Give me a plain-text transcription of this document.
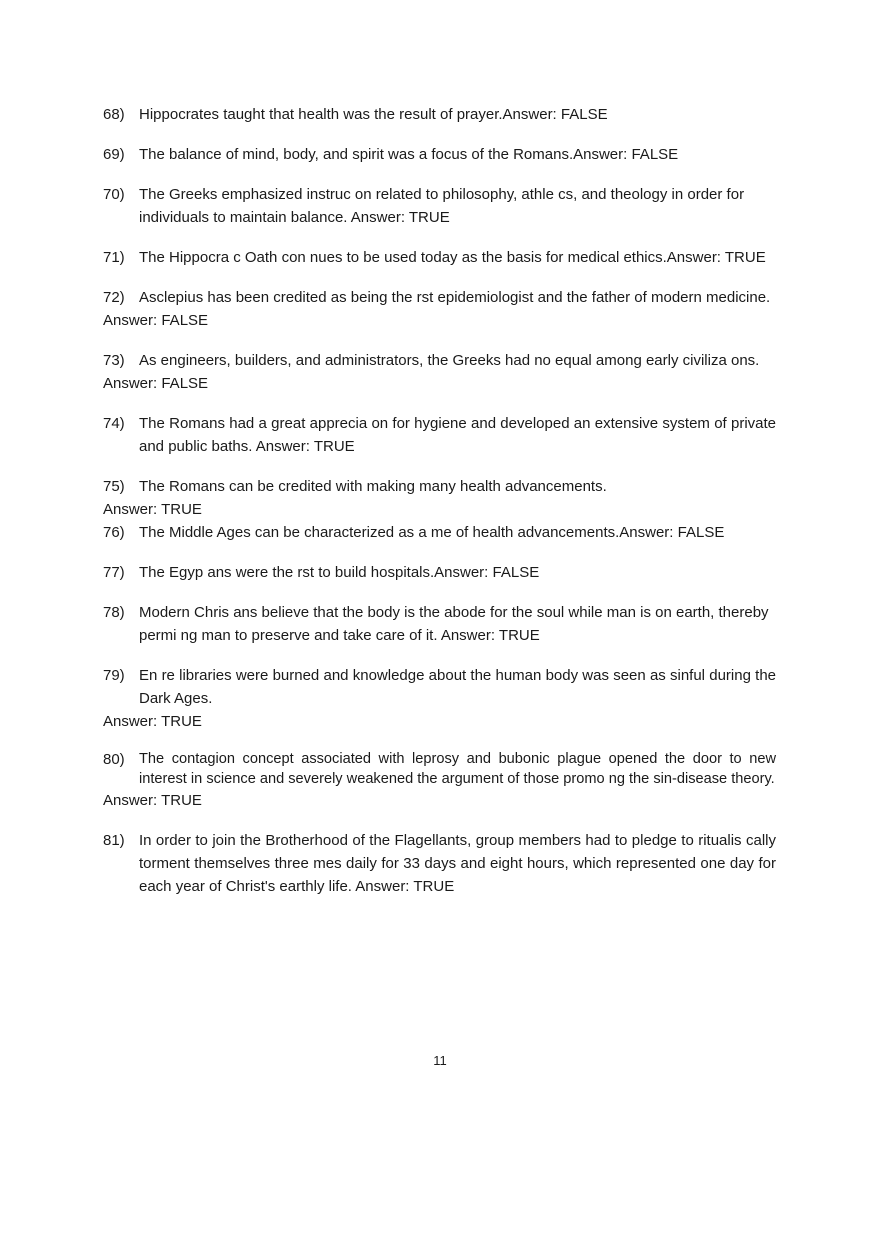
68) Hippocrates taught that health was the result of prayer.Answer: FALSE
69) The balance of mind, body, and spirit was a focus of the Romans.Answer: FALSE
70) The Greeks emphasized instruc on related to philosophy, athle cs, and theology in order for individuals to maintain balance. Answer: TRUE
71) The Hippocra c Oath con nues to be used today as the basis for medical ethics.Answer: TRUE
72) Asclepius has been credited as being the rst epidemiologist and the father of modern medicine.
Answer: FALSE
73) As engineers, builders, and administrators, the Greeks had no equal among early civiliza ons.
Answer: FALSE
74) The Romans had a great apprecia on for hygiene and developed an extensive system of private and public baths. Answer: TRUE
75) The Romans can be credited with making many health advancements.
Answer: TRUE
76) The Middle Ages can be characterized as a me of health advancements.Answer: FALSE
77) The Egyp ans were the rst to build hospitals.Answer: FALSE
78) Modern Chris ans believe that the body is the abode for the soul while man is on earth, thereby permi ng man to preserve and take care of it. Answer: TRUE
79) En re libraries were burned and knowledge about the human body was seen as sinful during the Dark Ages.
Answer: TRUE
80) The contagion concept associated with leprosy and bubonic plague opened the door to new interest in science and severely weakened the argument of those promo ng the sin-disease theory.
Answer: TRUE
81) In order to join the Brotherhood of the Flagellants, group members had to pledge to ritualis cally torment themselves three mes daily for 33 days and eight hours, which represented one day for each year of Christ's earthly life. Answer: TRUE
11
